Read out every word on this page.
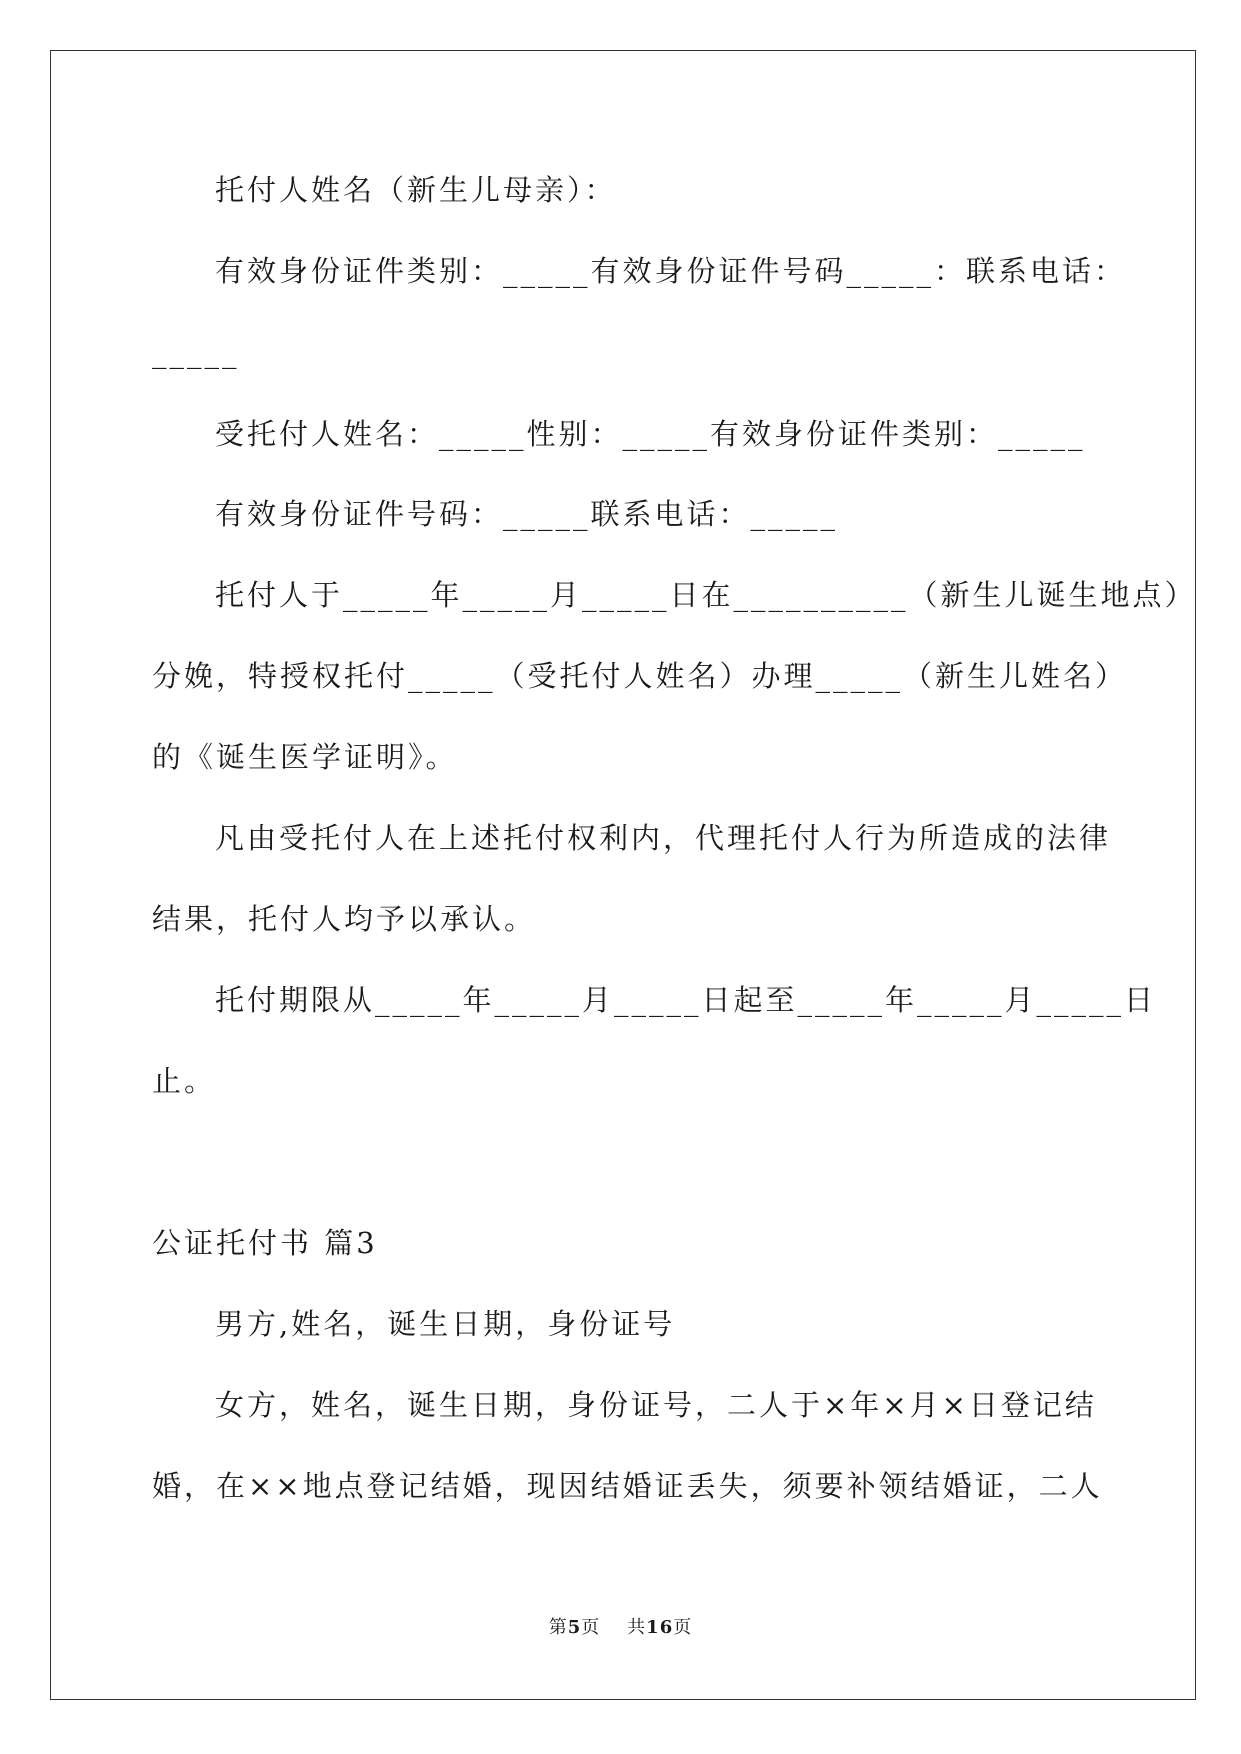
托付人姓名（新生儿母亲）：
有效身份证件类别：_____有效身份证件号码_____：联系电话：
_____
受托付人姓名：_____性别：_____有效身份证件类别：_____
有效身份证件号码：_____联系电话：_____
托付人于_____年_____月_____日在__________（新生儿诞生地点）
分娩，特授权托付_____（受托付人姓名）办理_____（新生儿姓名）
的《诞生医学证明》。
凡由受托付人在上述托付权利内，代理托付人行为所造成的法律
结果，托付人均予以承认。
托付期限从_____年_____月_____日起至_____年_____月_____日
止。
公证托付书 篇3
男方,姓名，诞生日期，身份证号
女方，姓名，诞生日期，身份证号，二人于×年×月×日登记结
婚，在××地点登记结婚，现因结婚证丢失，须要补领结婚证，二人
第5页 共16页
